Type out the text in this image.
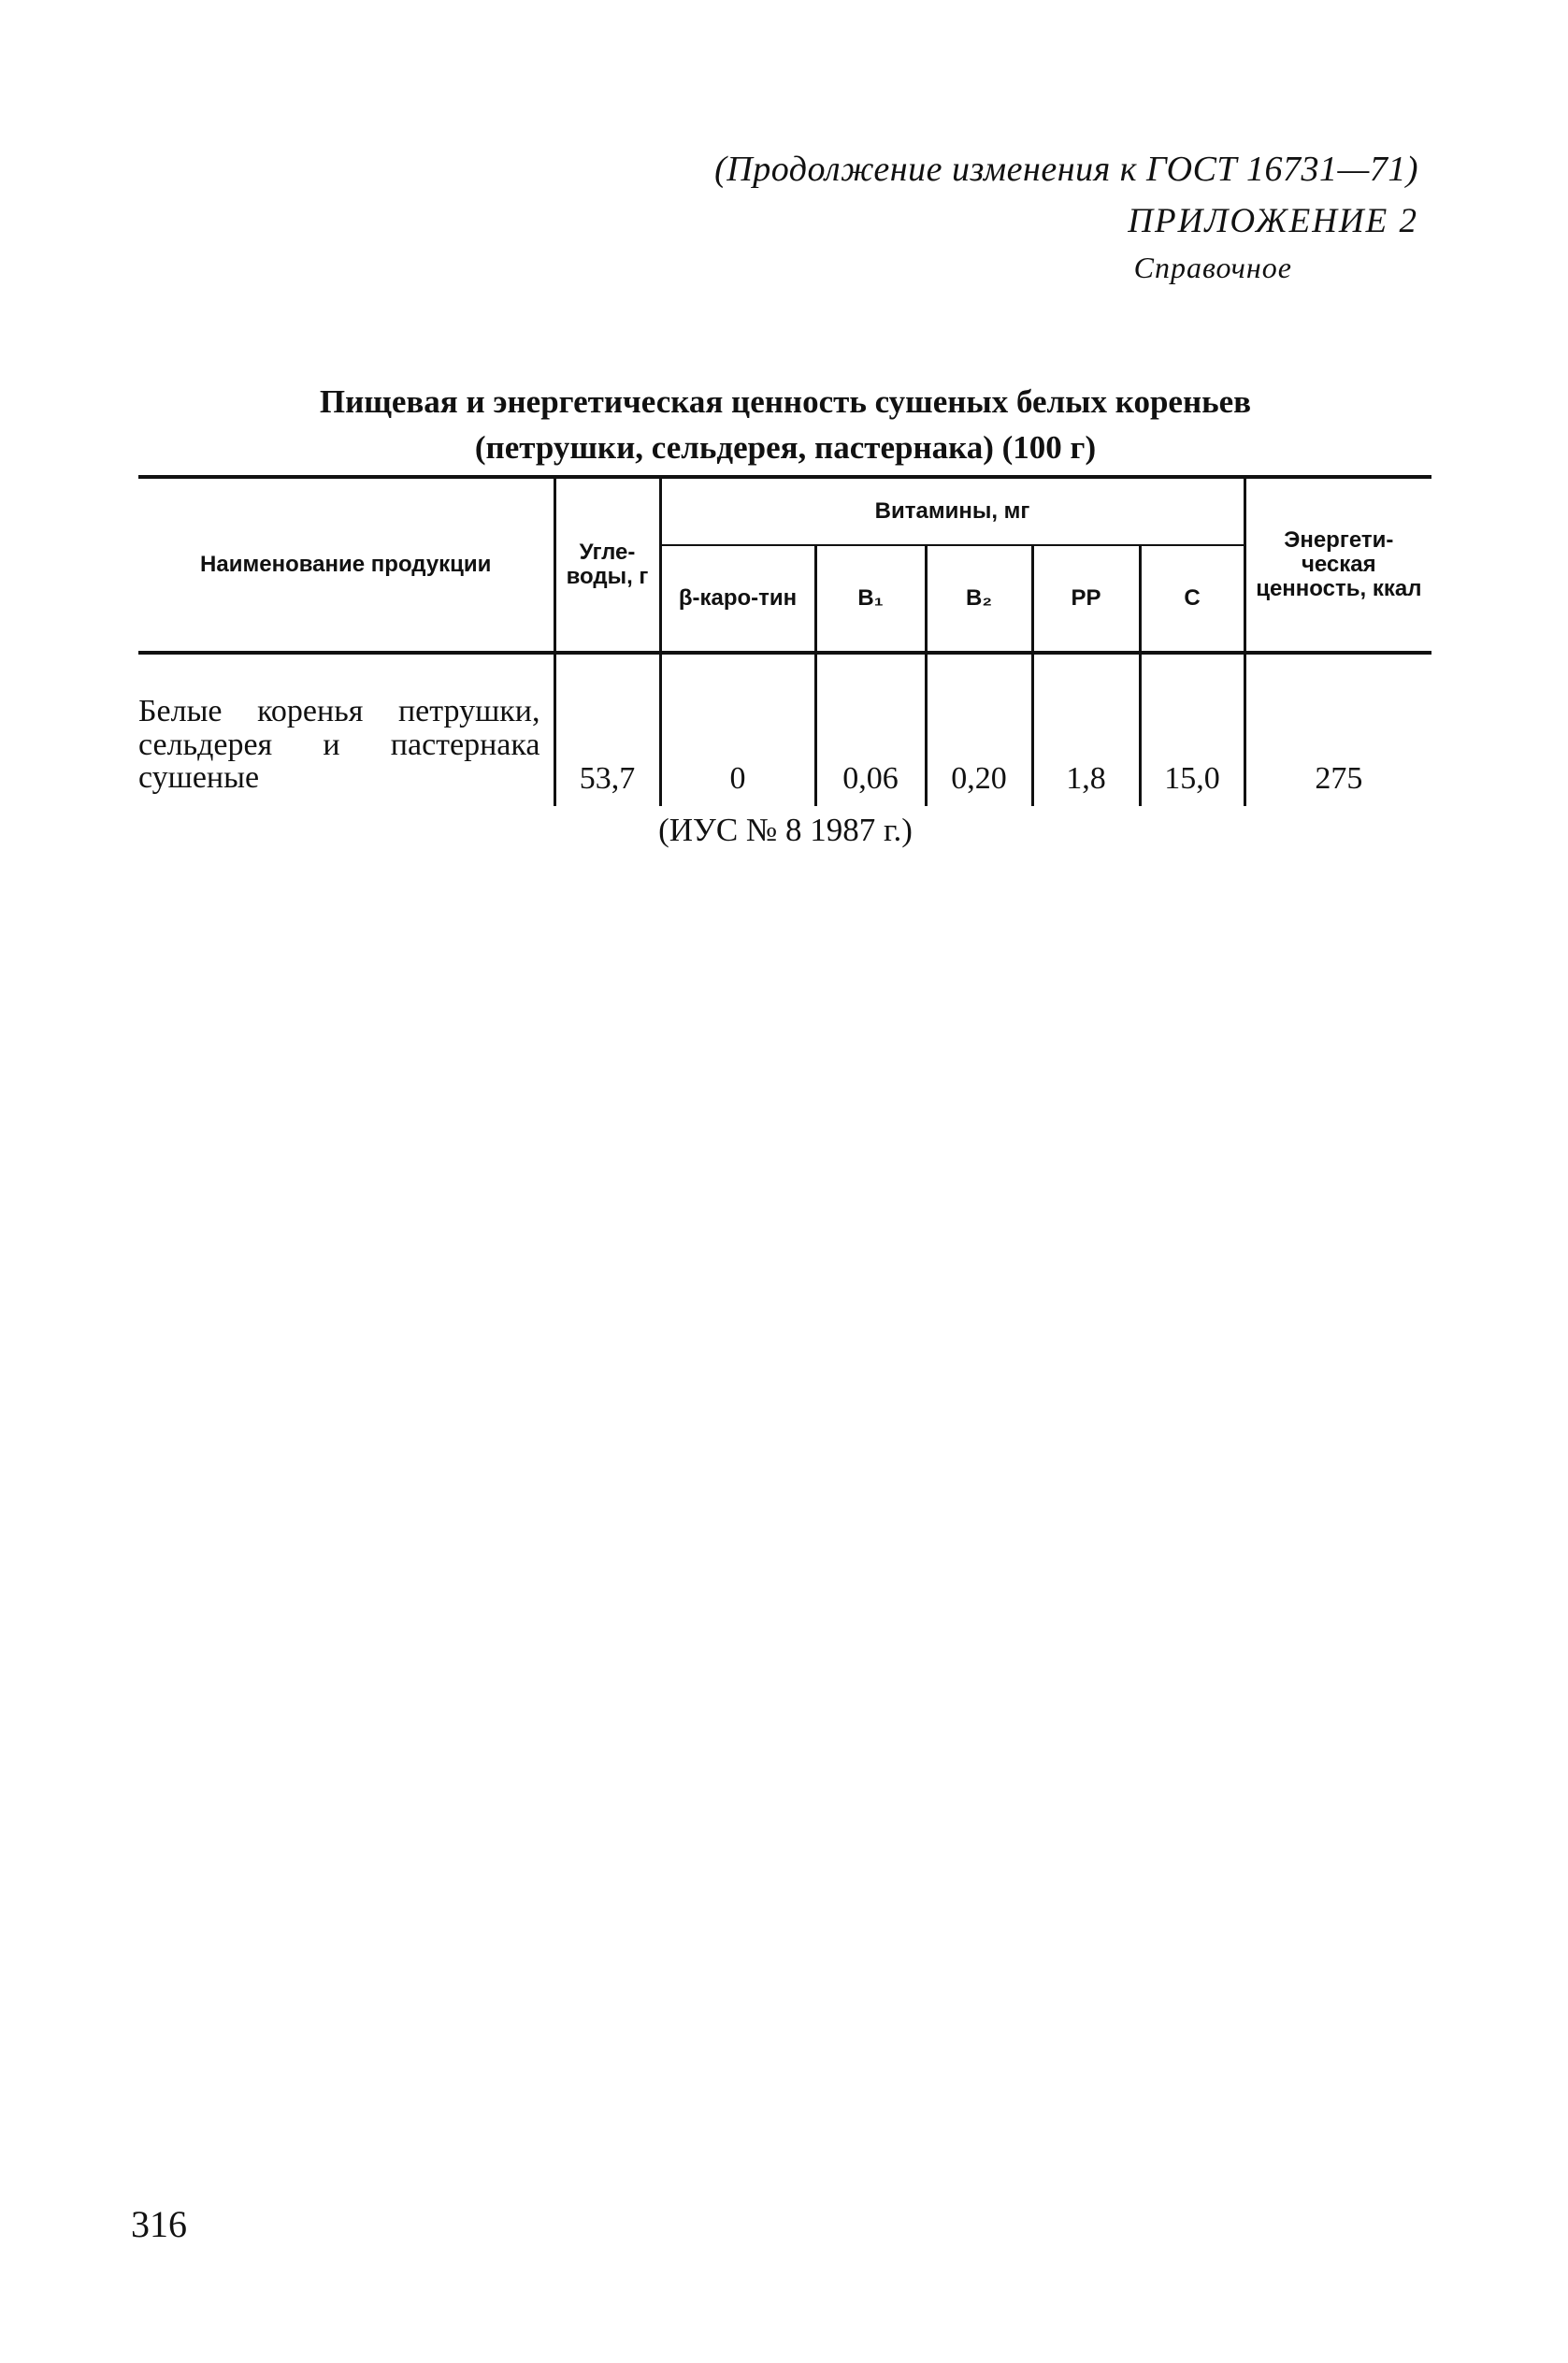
(Продолжение изменения к ГОСТ 16731—71)
ПРИЛОЖЕНИЕ 2
Справочное
Пищевая и энергетическая ценность сушеных белых кореньев
(петрушки, сельдерея, пастернака) (100 г)
Наименование продукции	Угле-воды, г	Витамины, мг					Энергети-ческая ценность, ккал
		β-каро-тин	B₁	B₂	PP	C	
Белые коренья петрушки, сельдерея и пастернака сушеные	53,7	0	0,06	0,20	1,8	15,0	275
(ИУС № 8 1987 г.)
316
